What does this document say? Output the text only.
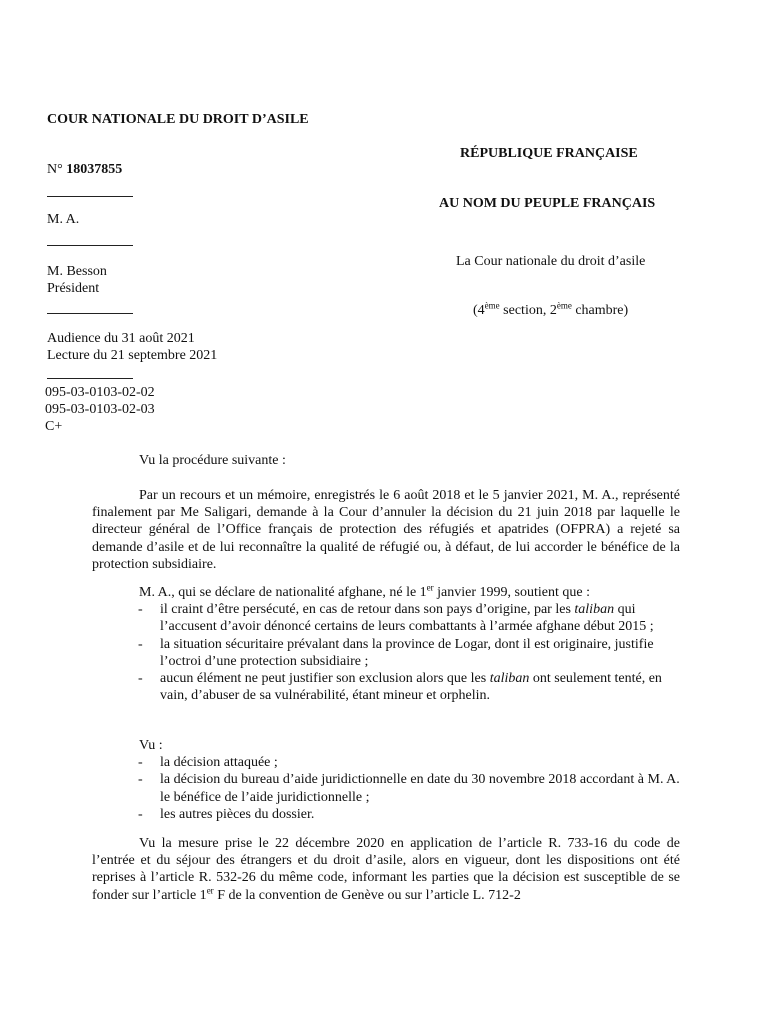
COUR NATIONALE DU DROIT D’ASILE
N° 18037855
M. A.
M. Besson
Président
Audience du 31 août 2021
Lecture du 21 septembre 2021
095-03-0103-02-02
095-03-0103-02-03
C+
RÉPUBLIQUE FRANÇAISE
AU NOM DU PEUPLE FRANÇAIS
La Cour nationale du droit d’asile
(4ème section, 2ème chambre)
Vu la procédure suivante :
Par un recours et un mémoire, enregistrés le 6 août 2018 et le 5 janvier 2021, M. A., représenté finalement par Me Saligari, demande à la Cour d’annuler la décision du 21 juin 2018 par laquelle le directeur général de l’Office français de protection des réfugiés et apatrides (OFPRA) a rejeté sa demande d’asile et de lui reconnaître la qualité de réfugié ou, à défaut, de lui accorder le bénéfice de la protection subsidiaire.
M. A., qui se déclare de nationalité afghane, né le 1er janvier 1999, soutient que :
- il craint d’être persécuté, en cas de retour dans son pays d’origine, par les taliban qui l’accusent d’avoir dénoncé certains de leurs combattants à l’armée afghane début 2015 ;
- la situation sécuritaire prévalant dans la province de Logar, dont il est originaire, justifie l’octroi d’une protection subsidiaire ;
- aucun élément ne peut justifier son exclusion alors que les taliban ont seulement tenté, en vain, d’abuser de sa vulnérabilité, étant mineur et orphelin.
Vu :
- la décision attaquée ;
- la décision du bureau d’aide juridictionnelle en date du 30 novembre 2018 accordant à M. A. le bénéfice de l’aide juridictionnelle ;
- les autres pièces du dossier.
Vu la mesure prise le 22 décembre 2020 en application de l’article R. 733-16 du code de l’entrée et du séjour des étrangers et du droit d’asile, alors en vigueur, dont les dispositions ont été reprises à l’article R. 532-26 du même code, informant les parties que la décision est susceptible de se fonder sur l’article 1er F de la convention de Genève ou sur l’article L. 712-2
